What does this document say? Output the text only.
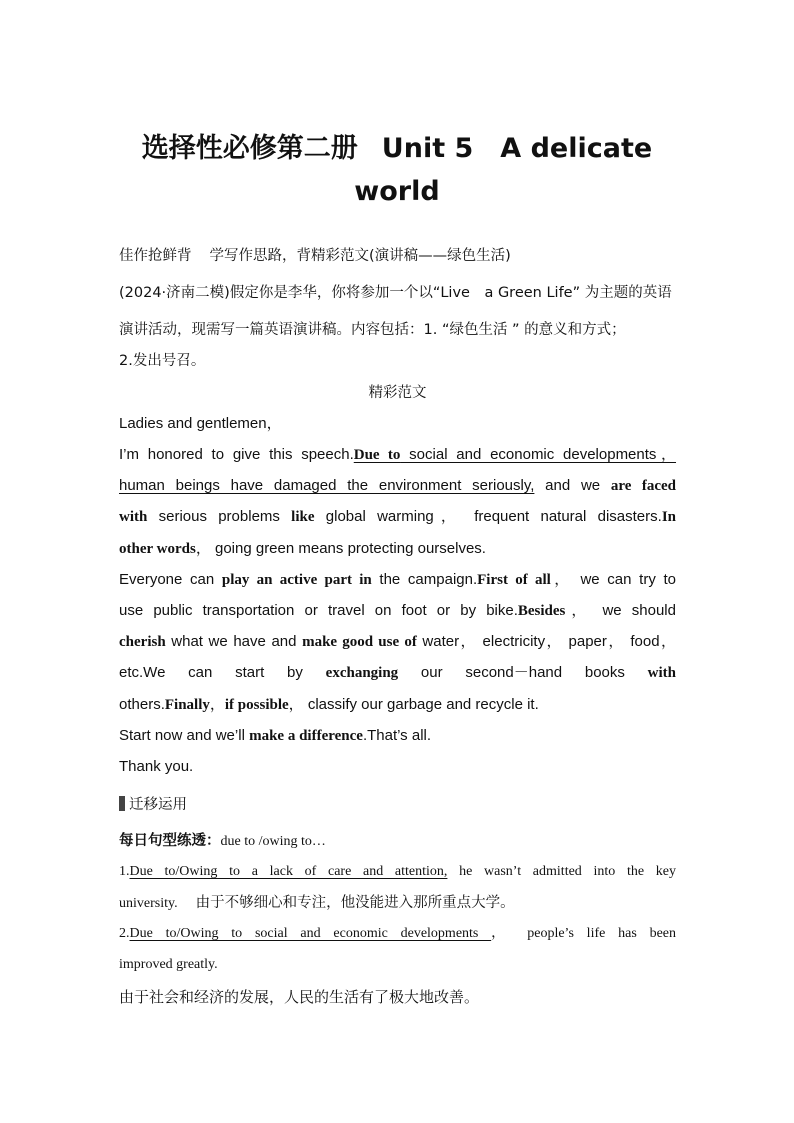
选择性必修第二册 Unit 5　A delicate
world
佳作抢鲜背 学写作思路，背精彩范文(演讲稿——绿色生活)
(2024·济南二模)假定你是李华，你将参加一个以“Live　a Green Life” 为主题的英语
演讲活动，现需写一篇英语演讲稿。内容包括：1. “绿色生活 ” 的意义和方式；
2.发出号召。
精彩范文
Ladies and gentlemen，
I’m honored to give this speech.Due to social and economic developments，
human beings have damaged the environment seriously, and we are faced
with serious problems like global warming， frequent natural disasters.In
other words， going green means protecting ourselves.
Everyone can play an active part in the campaign.First of all， we can try to
use public transportation or travel on foot or by bike.Besides， we should
cherish what we have and make good use of water， electricity， paper， food，
etc.We can start by exchanging our second－hand books with
others.Finally，if possible， classify our garbage and recycle it.
Start now and we’ll make a difference.That’s all.
Thank you.
迁移运用
每日句型练透：due to /owing to…
1.Due to/Owing to a lack of care and attention, he wasn’t admitted into the key
university. 由于不够细心和专注，他没能进入那所重点大学。
2.Due to/Owing to social and economic developments ， people’s life has been
improved greatly.
由于社会和经济的发展，人民的生活有了极大地改善。
